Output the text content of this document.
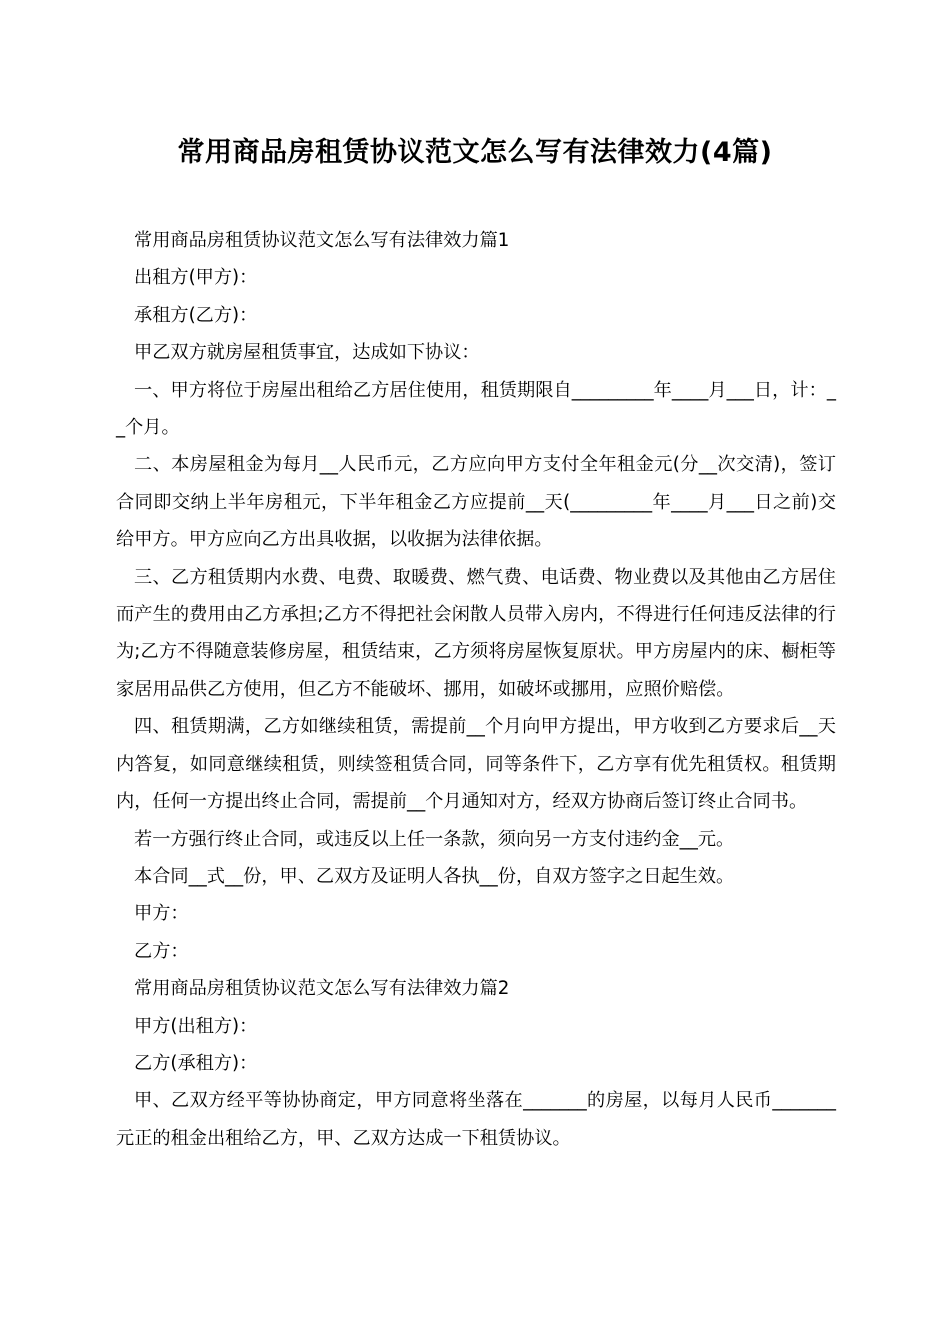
常用商品房租赁协议范文怎么写有法律效力(4篇)

常用商品房租赁协议范文怎么写有法律效力篇1

出租方(甲方)：

承租方(乙方)：

甲乙双方就房屋租赁事宜，达成如下协议：

一、甲方将位于房屋出租给乙方居住使用，租赁期限自_________年____月___日，计：__个月。

二、本房屋租金为每月__人民币元，乙方应向甲方支付全年租金元(分__次交清)，签订合同即交纳上半年房租元，下半年租金乙方应提前__天(_________年____月___日之前)交给甲方。甲方应向乙方出具收据，以收据为法律依据。

三、乙方租赁期内水费、电费、取暖费、燃气费、电话费、物业费以及其他由乙方居住而产生的费用由乙方承担;乙方不得把社会闲散人员带入房内，不得进行任何违反法律的行为;乙方不得随意装修房屋，租赁结束，乙方须将房屋恢复原状。甲方房屋内的床、橱柜等家居用品供乙方使用，但乙方不能破坏、挪用，如破坏或挪用，应照价赔偿。

四、租赁期满，乙方如继续租赁，需提前__个月向甲方提出，甲方收到乙方要求后__天内答复，如同意继续租赁，则续签租赁合同，同等条件下，乙方享有优先租赁权。租赁期内，任何一方提出终止合同，需提前__个月通知对方，经双方协商后签订终止合同书。

若一方强行终止合同，或违反以上任一条款，须向另一方支付违约金__元。

本合同__式__份，甲、乙双方及证明人各执__份，自双方签字之日起生效。

甲方：

乙方：

常用商品房租赁协议范文怎么写有法律效力篇2

甲方(出租方)：

乙方(承租方)：

甲、乙双方经平等协协商定，甲方同意将坐落在_______的房屋，以每月人民币_______元正的租金出租给乙方，甲、乙双方达成一下租赁协议。
